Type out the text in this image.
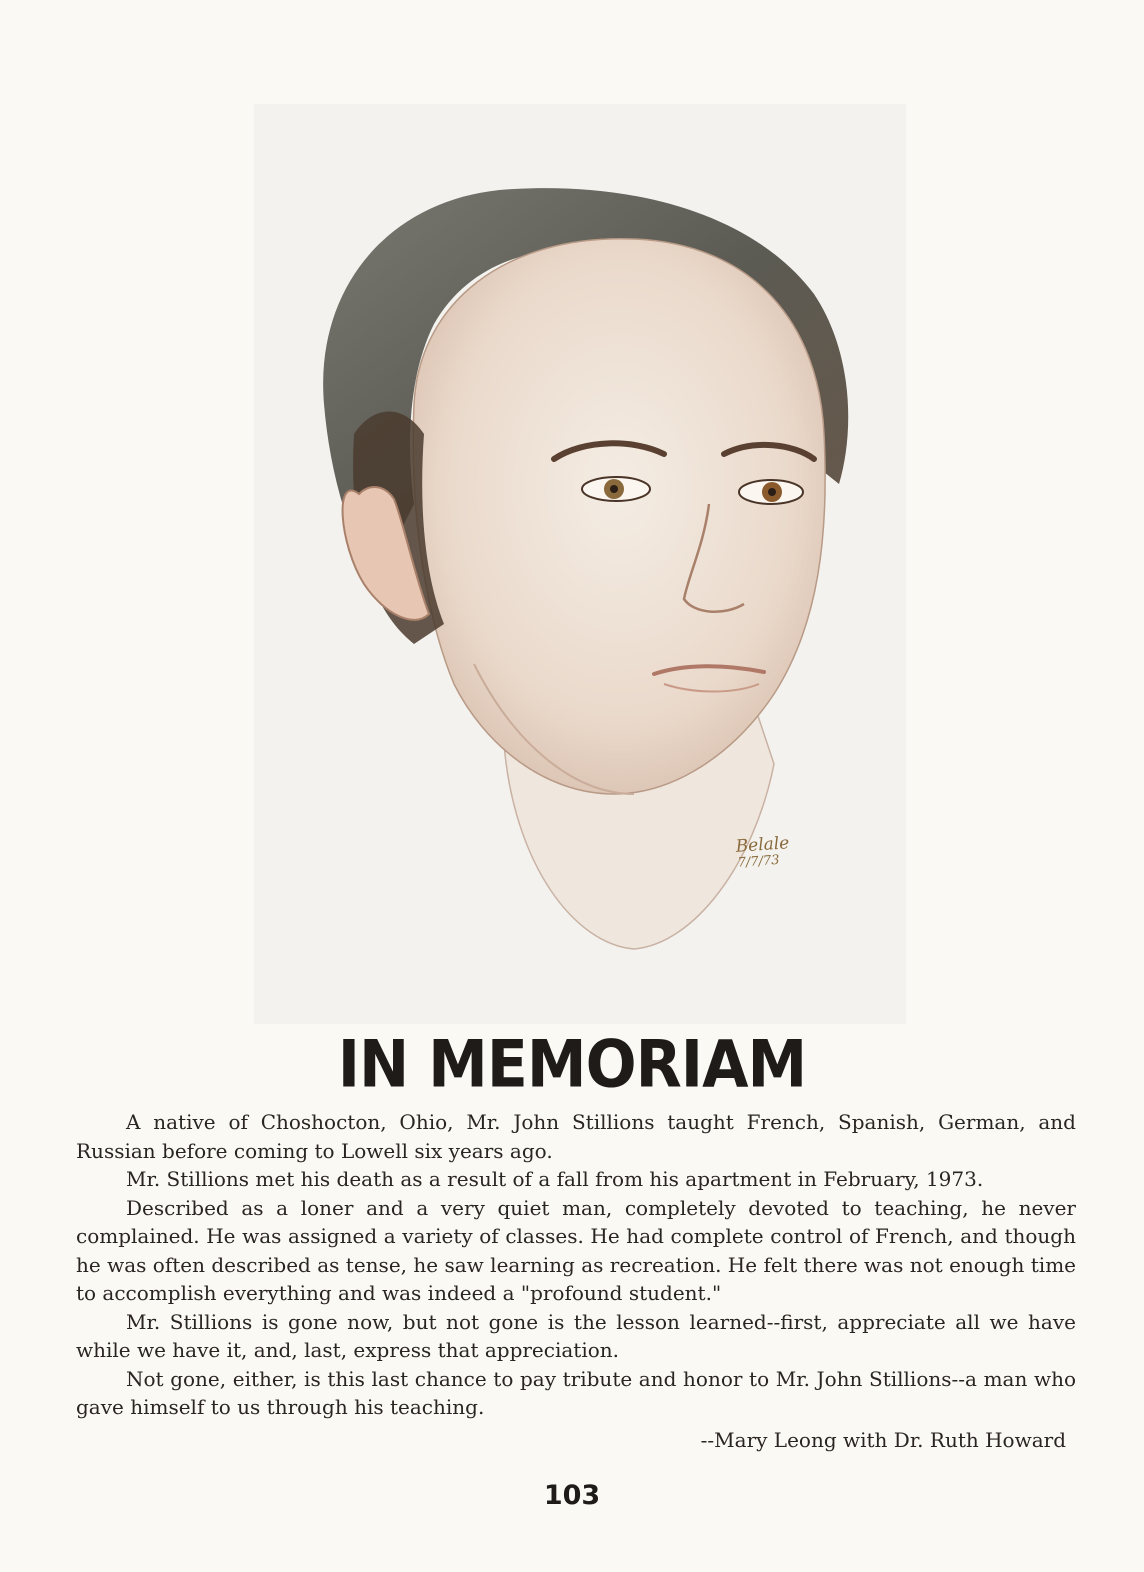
Belale
7/7/73
IN MEMORIAM

A native of Choshocton, Ohio, Mr. John Stillions taught French, Spanish, German, and Russian before coming to Lowell six years ago.

Mr. Stillions met his death as a result of a fall from his apartment in February, 1973.

Described as a loner and a very quiet man, completely devoted to teaching, he never complained. He was assigned a variety of classes. He had complete control of French, and though he was often described as tense, he saw learning as recreation. He felt there was not enough time to accomplish everything and was indeed a "profound student."

Mr. Stillions is gone now, but not gone is the lesson learned--first, appreciate all we have while we have it, and, last, express that appreciation.

Not gone, either, is this last chance to pay tribute and honor to Mr. John Stillions--a man who gave himself to us through his teaching.

--Mary Leong with Dr. Ruth Howard
103
